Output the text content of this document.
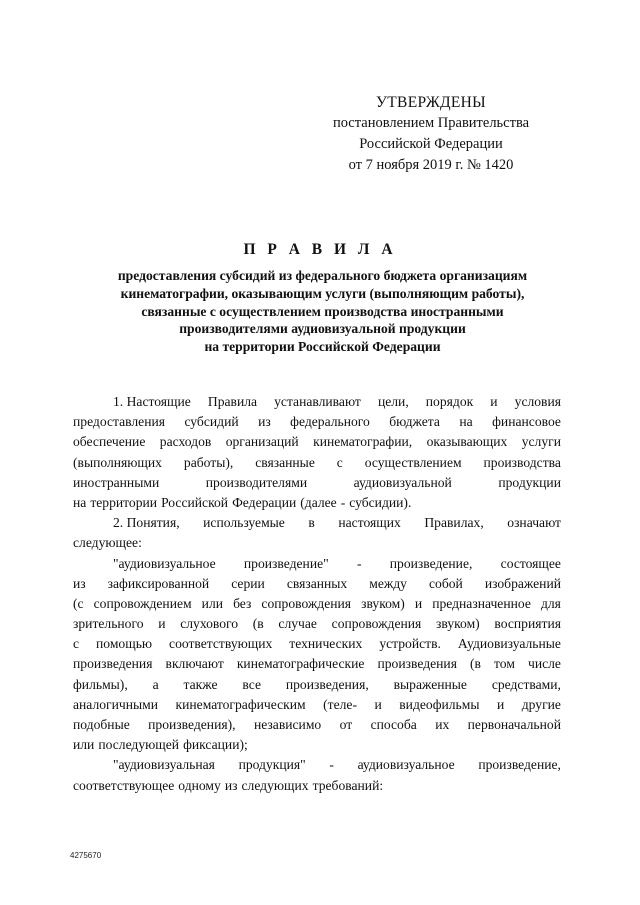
УТВЕРЖДЕНЫ
постановлением Правительства
Российской Федерации
от 7 ноября 2019 г. № 1420
П Р А В И Л А
предоставления субсидий из федерального бюджета организациям
кинематографии, оказывающим услуги (выполняющим работы),
связанные с осуществлением производства иностранными
производителями аудиовизуальной продукции
на территории Российской Федерации
1. Настоящие Правила устанавливают цели, порядок и условия
предоставления субсидий из федерального бюджета на финансовое
обеспечение расходов организаций кинематографии, оказывающих услуги
(выполняющих работы), связанные с осуществлением производства
иностранными	производителями	аудиовизуальной	продукции
на территории Российской Федерации (далее - субсидии).
2. Понятия, используемые в настоящих Правилах, означают
следующее:
"аудиовизуальное произведение" - произведение, состоящее
из зафиксированной серии связанных между собой изображений
(с сопровождением или без сопровождения звуком) и предназначенное для
зрительного и слухового (в случае сопровождения звуком) восприятия
с помощью соответствующих технических устройств. Аудиовизуальные
произведения включают кинематографические произведения (в том числе
фильмы), а также все произведения, выраженные средствами,
аналогичными кинематографическим (теле- и видеофильмы и другие
подобные произведения), независимо от способа их первоначальной
или последующей фиксации);
"аудиовизуальная продукция" - аудиовизуальное произведение,
соответствующее одному из следующих требований:
4275670
